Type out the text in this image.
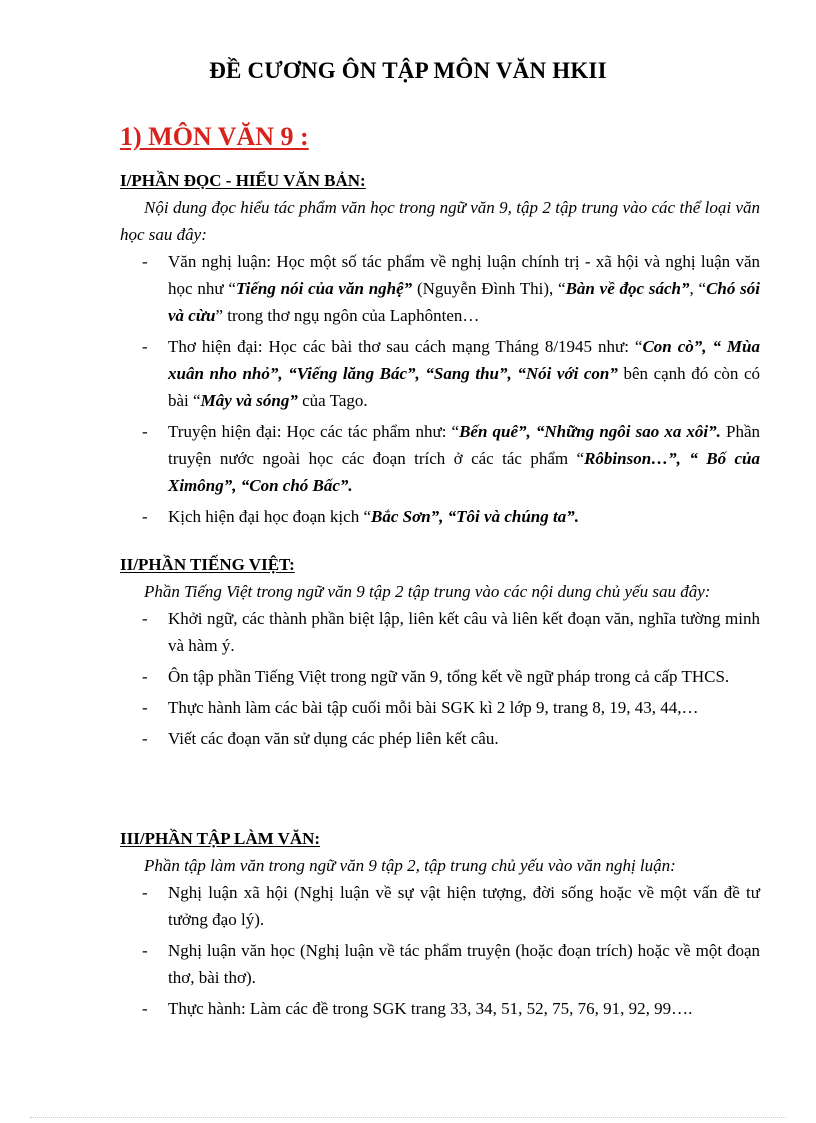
ĐỀ CƯƠNG ÔN TẬP MÔN VĂN HKII
1) MÔN VĂN 9 :
I/PHẦN ĐỌC - HIỂU VĂN BẢN:

Nội dung đọc hiểu tác phẩm văn học trong ngữ văn 9, tập 2 tập trung vào các thể loại văn học sau đây:

- Văn nghị luận: Học một số tác phẩm về nghị luận chính trị - xã hội và nghị luận văn học như “Tiếng nói của văn nghệ” (Nguyễn Đình Thi), “Bàn về đọc sách”, “Chó sói và cừu” trong thơ ngụ ngôn của Laphônten…
- Thơ hiện đại: Học các bài thơ sau cách mạng Tháng 8/1945 như: “Con cò”, “ Mùa xuân nho nhỏ”, “Viếng lăng Bác”, “Sang thu”, “Nói với con” bên cạnh đó còn có bài “Mây và sóng” của Tago.
- Truyện hiện đại: Học các tác phẩm như: “Bến quê”, “Những ngôi sao xa xôi”. Phần truyện nước ngoài học các đoạn trích ở các tác phẩm “Rôbinson…”, “ Bố của Ximông”, “Con chó Bấc”.
- Kịch hiện đại học đoạn kịch “Bắc Sơn”, “Tôi và chúng ta”.
II/PHẦN TIẾNG VIỆT:

Phần Tiếng Việt trong ngữ văn 9 tập 2 tập trung vào các nội dung chủ yếu sau đây:

- Khởi ngữ, các thành phần biệt lập, liên kết câu và liên kết đoạn văn, nghĩa tường minh và hàm ý.
- Ôn tập phần Tiếng Việt trong ngữ văn 9, tổng kết về ngữ pháp trong cả cấp THCS.
- Thực hành làm các bài tập cuối mỗi bài SGK kì 2 lớp 9, trang 8, 19, 43, 44,…
- Viết các đoạn văn sử dụng các phép liên kết câu.
III/PHẦN TẬP LÀM VĂN:

Phần tập làm văn trong ngữ văn 9 tập 2, tập trung chủ yếu vào văn nghị luận:

- Nghị luận xã hội (Nghị luận về sự vật hiện tượng, đời sống hoặc về một vấn đề tư tưởng đạo lý).
- Nghị luận văn học (Nghị luận về tác phẩm truyện (hoặc đoạn trích) hoặc về một đoạn thơ, bài thơ).
- Thực hành: Làm các đề trong SGK trang 33, 34, 51, 52, 75, 76, 91, 92, 99….
